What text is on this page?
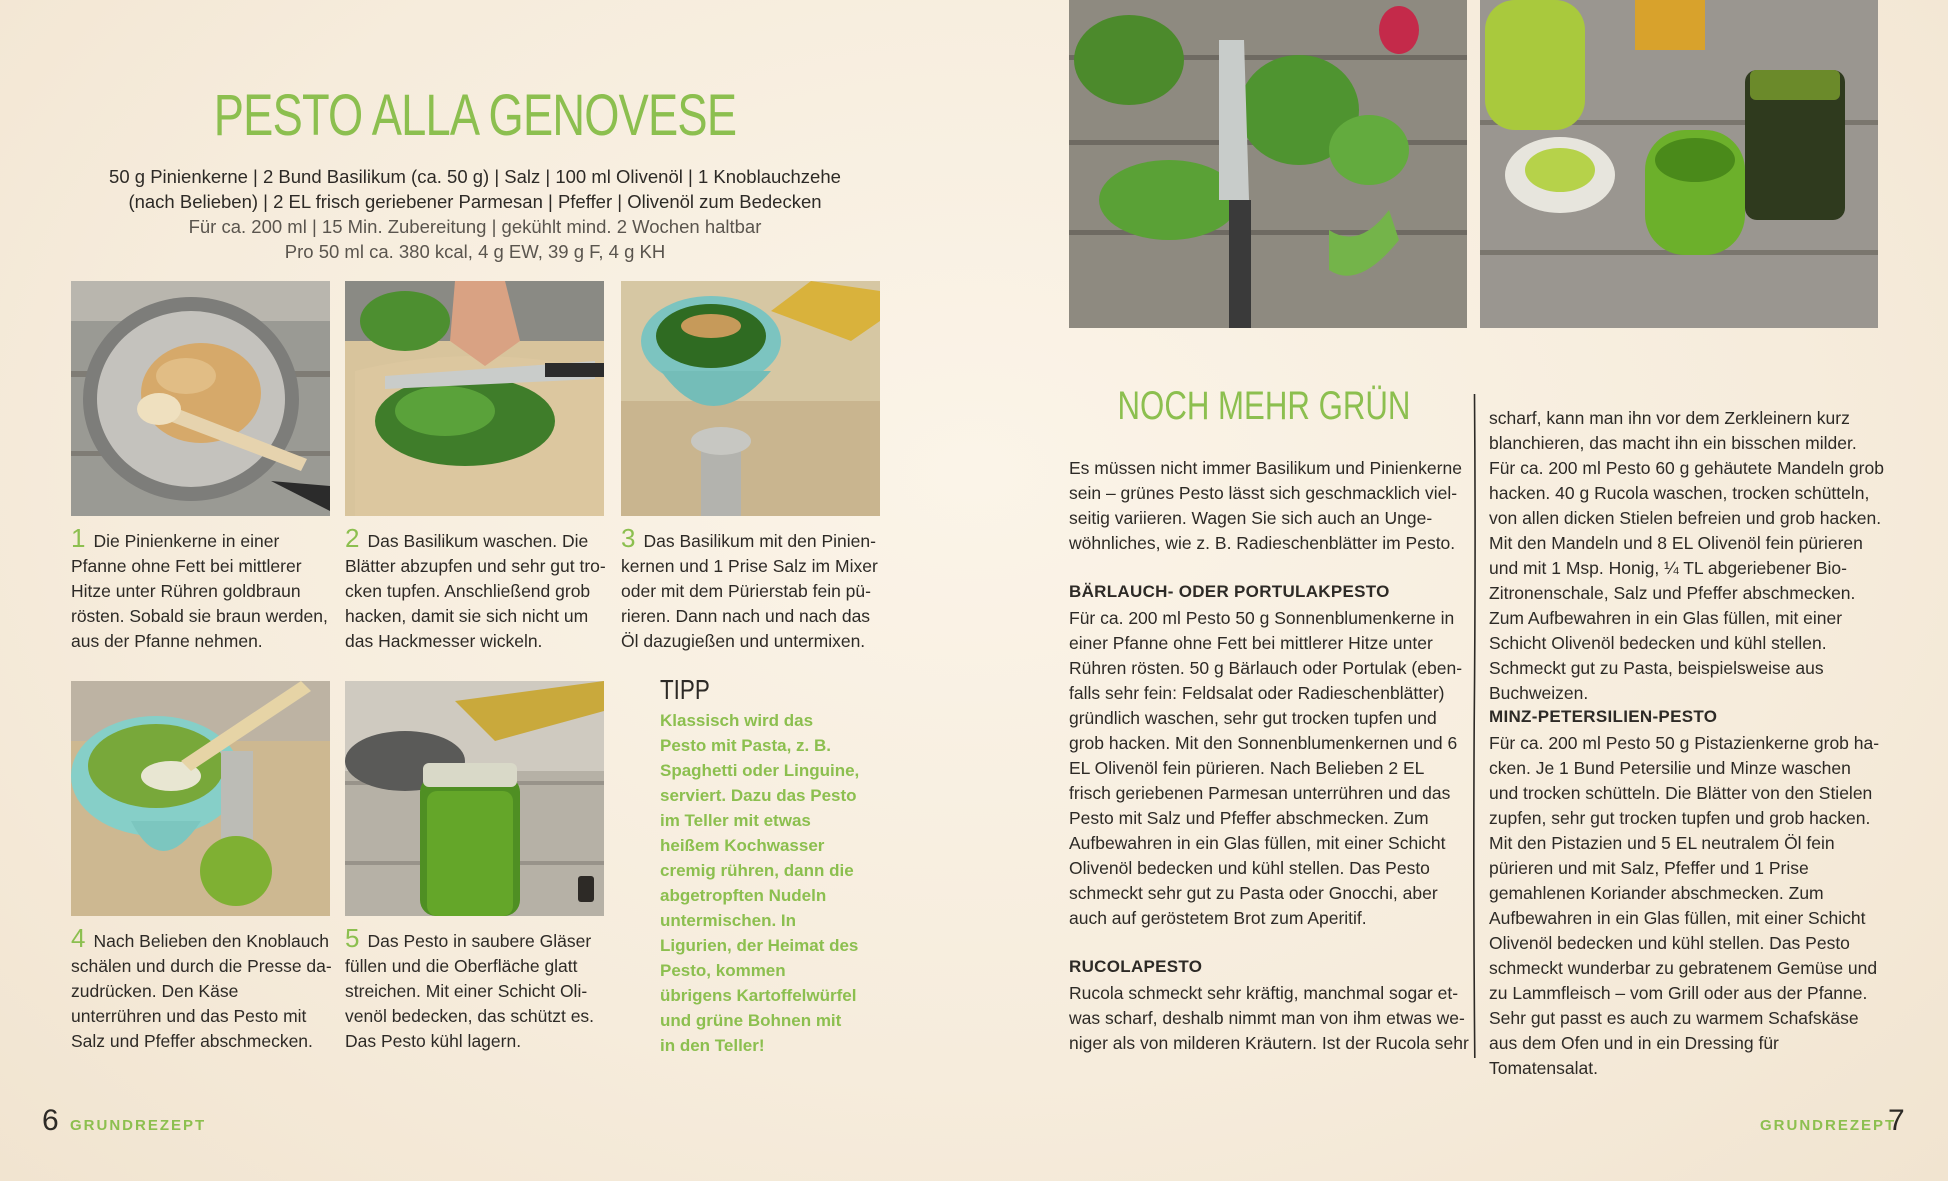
PESTO ALLA GENOVESE
50 g Pinienkerne | 2 Bund Basilikum (ca. 50 g) | Salz | 100 ml Olivenöl | 1 Knoblauchzehe
(nach Belieben) | 2 EL frisch geriebener Parmesan | Pfeffer | Olivenöl zum Bedecken
Für ca. 200 ml | 15 Min. Zubereitung | gekühlt mind. 2 Wochen haltbar
Pro 50 ml ca. 380 kcal, 4 g EW, 39 g F, 4 g KH
1 Die Pinienkerne in einer Pfanne ohne Fett bei mittlerer Hitze unter Rühren goldbraun rösten. Sobald sie braun werden, aus der Pfanne nehmen.
2 Das Basilikum waschen. Die Blätter abzupfen und sehr gut trocken tupfen. Anschließend grob hacken, damit sie sich nicht um das Hackmesser wickeln.
3 Das Basilikum mit den Pinienkernen und 1 Prise Salz im Mixer oder mit dem Pürierstab fein pürieren. Dann nach und nach das Öl dazugießen und untermixen.
4 Nach Belieben den Knoblauch schälen und durch die Presse dazudrücken. Den Käse unterrühren und das Pesto mit Salz und Pfeffer abschmecken.
5 Das Pesto in saubere Gläser füllen und die Oberfläche glatt streichen. Mit einer Schicht Olivenöl bedecken, das schützt es. Das Pesto kühl lagern.
TIPP
Klassisch wird das Pesto mit Pasta, z. B. Spaghetti oder Linguine, serviert. Dazu das Pesto im Teller mit etwas heißem Kochwasser cremig rühren, dann die abgetropften Nudeln untermischen. In Ligurien, der Heimat des Pesto, kommen übrigens Kartoffelwürfel und grüne Bohnen mit in den Teller!
6 GRUNDREZEPT
NOCH MEHR GRÜN
Es müssen nicht immer Basilikum und Pinienkerne sein – grünes Pesto lässt sich geschmacklich vielseitig variieren. Wagen Sie sich auch an Ungewöhnliches, wie z. B. Radieschenblätter im Pesto.
BÄRLAUCH- ODER PORTULAKPESTO
Für ca. 200 ml Pesto 50 g Sonnenblumenkerne in einer Pfanne ohne Fett bei mittlerer Hitze unter Rühren rösten. 50 g Bärlauch oder Portulak (ebenfalls sehr fein: Feldsalat oder Radieschenblätter) gründlich waschen, sehr gut trocken tupfen und grob hacken. Mit den Sonnenblumenkernen und 6 EL Olivenöl fein pürieren. Nach Belieben 2 EL frisch geriebenen Parmesan unterrühren und das Pesto mit Salz und Pfeffer abschmecken. Zum Aufbewahren in ein Glas füllen, mit einer Schicht Olivenöl bedecken und kühl stellen. Das Pesto schmeckt sehr gut zu Pasta oder Gnocchi, aber auch auf geröstetem Brot zum Aperitif.
RUCOLAPESTO
Rucola schmeckt sehr kräftig, manchmal sogar etwas scharf, deshalb nimmt man von ihm etwas weniger als von milderen Kräutern. Ist der Rucola sehr
scharf, kann man ihn vor dem Zerkleinern kurz blanchieren, das macht ihn ein bisschen milder. Für ca. 200 ml Pesto 60 g gehäutete Mandeln grob hacken. 40 g Rucola waschen, trocken schütteln, von allen dicken Stielen befreien und grob hacken. Mit den Mandeln und 8 EL Olivenöl fein pürieren und mit 1 Msp. Honig, ¼ TL abgeriebener Bio-Zitronenschale, Salz und Pfeffer abschmecken. Zum Aufbewahren in ein Glas füllen, mit einer Schicht Olivenöl bedecken und kühl stellen. Schmeckt gut zu Pasta, beispielsweise aus Buchweizen.
MINZ-PETERSILIEN-PESTO
Für ca. 200 ml Pesto 50 g Pistazienkerne grob hacken. Je 1 Bund Petersilie und Minze waschen und trocken schütteln. Die Blätter von den Stielen zupfen, sehr gut trocken tupfen und grob hacken. Mit den Pistazien und 5 EL neutralem Öl fein pürieren und mit Salz, Pfeffer und 1 Prise gemahlenen Koriander abschmecken. Zum Aufbewahren in ein Glas füllen, mit einer Schicht Olivenöl bedecken und kühl stellen. Das Pesto schmeckt wunderbar zu gebratenem Gemüse und zu Lammfleisch – vom Grill oder aus der Pfanne. Sehr gut passt es auch zu warmem Schafskäse aus dem Ofen und in ein Dressing für Tomatensalat.
GRUNDREZEPT
7
